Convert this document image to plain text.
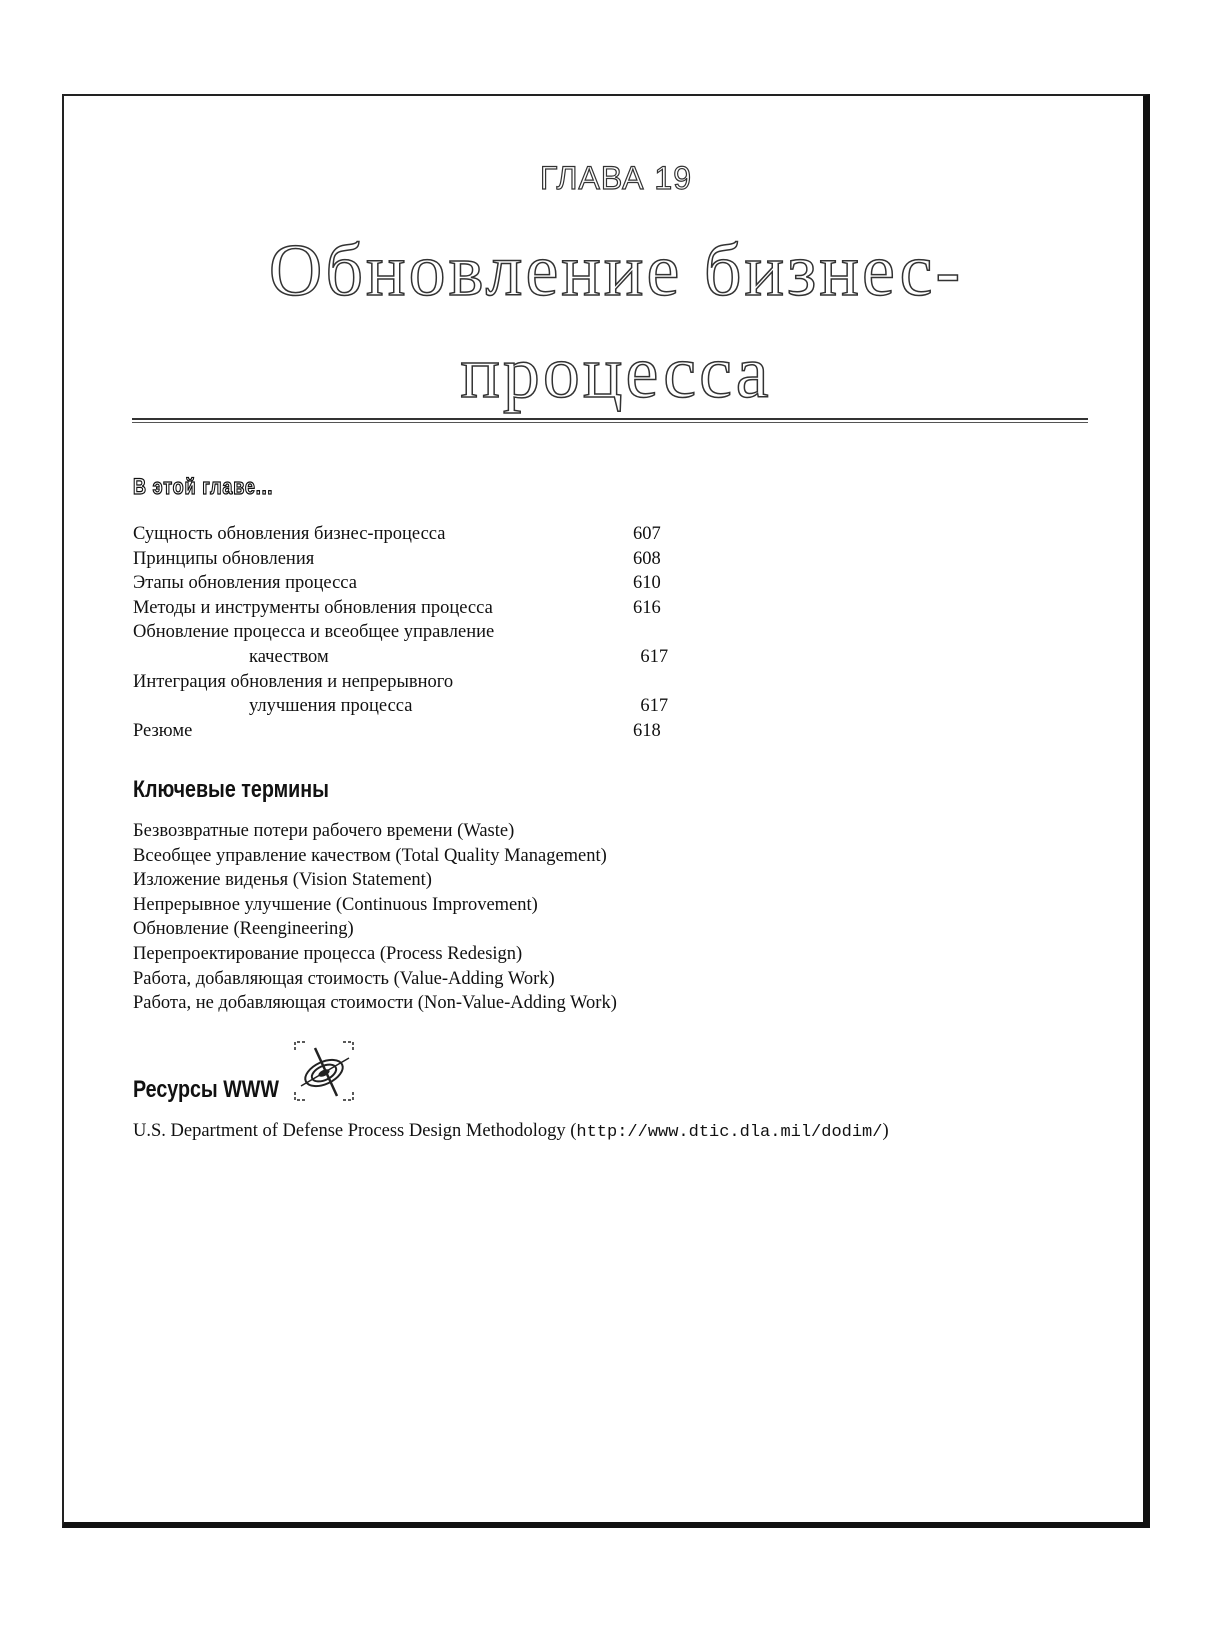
ГЛАВА 19
Обновление бизнес-
процесса
В этой главе...
Сущность обновления бизнес-процесса	607
Принципы обновления	608
Этапы обновления процесса	610
Методы и инструменты обновления процесса	616
Обновление процесса и всеобщее управление
качеством	617
Интеграция обновления и непрерывного
улучшения процесса	617
Резюме	618
Ключевые термины
Безвозвратные потери рабочего времени (Waste)
Всеобщее управление качеством (Total Quality Management)
Изложение виденья (Vision Statement)
Непрерывное улучшение (Continuous Improvement)
Обновление (Reengineering)
Перепроектирование процесса (Process Redesign)
Работа, добавляющая стоимость (Value-Adding Work)
Работа, не добавляющая стоимости (Non-Value-Adding Work)
Ресурсы WWW
U.S. Department of Defense Process Design Methodology (http://www.dtic.dla.mil/dodim/)
